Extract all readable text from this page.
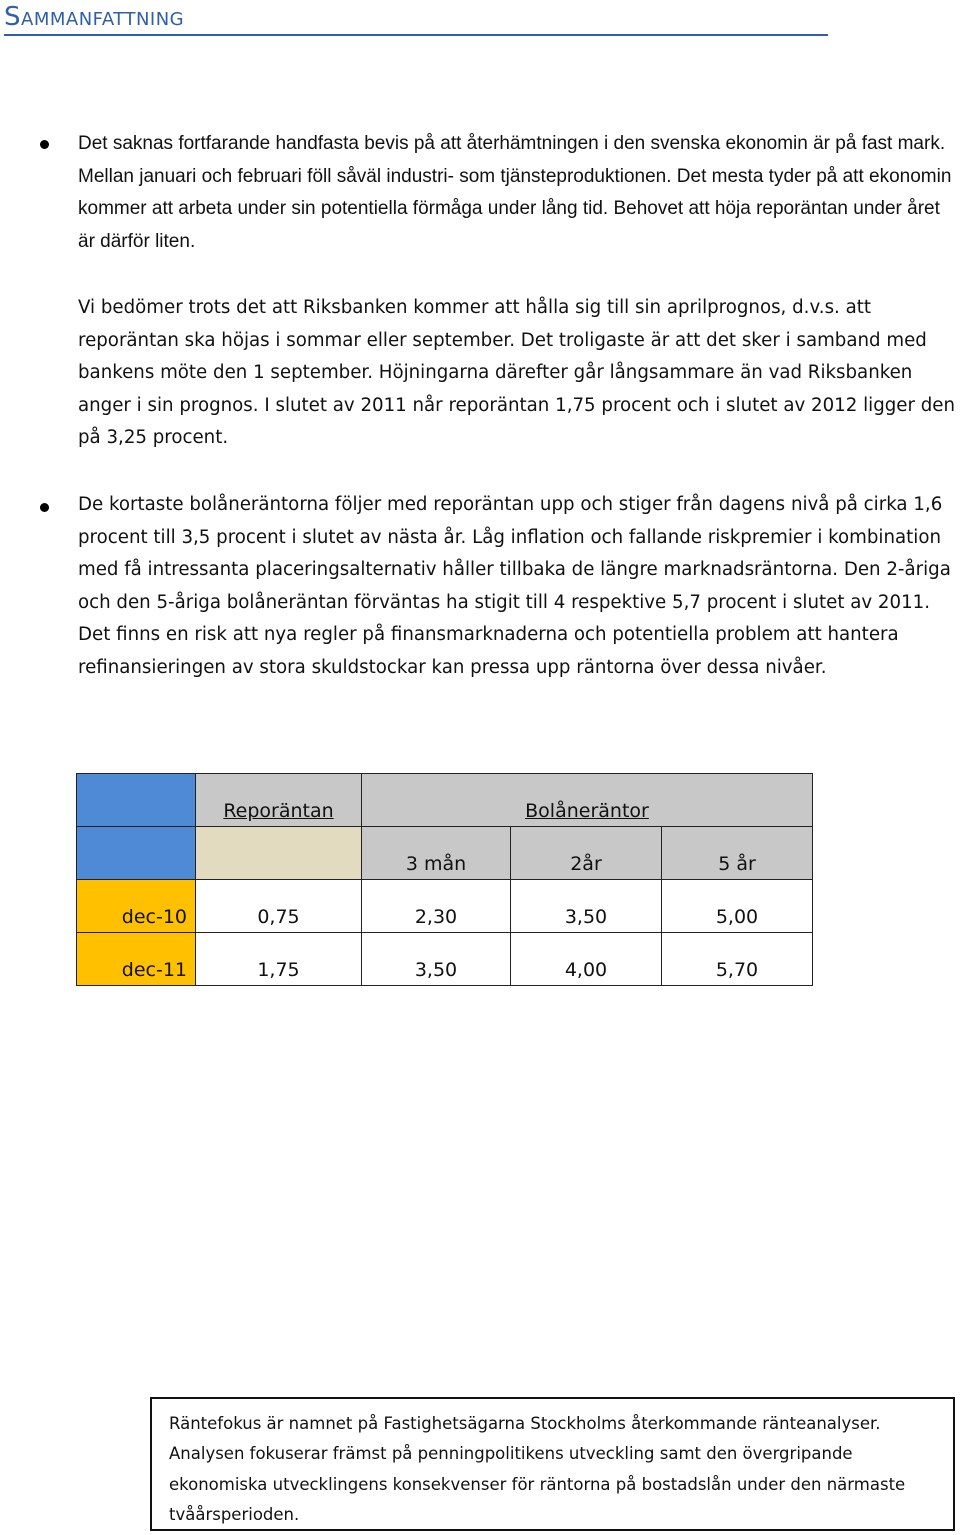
Sammanfattning

Det saknas fortfarande handfasta bevis på att återhämtningen i den svenska ekonomin är på fast mark. Mellan januari och februari föll såväl industri- som tjänsteproduktionen. Det mesta tyder på att ekonomin kommer att arbeta under sin potentiella förmåga under lång tid. Behovet att höja reporäntan under året är därför liten.

Vi bedömer trots det att Riksbanken kommer att hålla sig till sin aprilprognos, d.v.s. att reporäntan ska höjas i sommar eller september. Det troligaste är att det sker i samband med bankens möte den 1 september. Höjningarna därefter går långsammare än vad Riksbanken anger i sin prognos. I slutet av 2011 når reporäntan 1,75 procent och i slutet av 2012 ligger den på 3,25 procent.

De kortaste bolåneräntorna följer med reporäntan upp och stiger från dagens nivå på cirka 1,6 procent till 3,5 procent i slutet av nästa år. Låg inflation och fallande riskpremier i kombination med få intressanta placeringsalternativ håller tillbaka de längre marknadsräntorna. Den 2-åriga och den 5-åriga bolåneräntan förväntas ha stigit till 4 respektive 5,7 procent i slutet av 2011. Det finns en risk att nya regler på finansmarknaderna och potentiella problem att hantera refinansieringen av stora skuldstockar kan pressa upp räntorna över dessa nivåer.

	Reporäntan	Bolåneräntor		
		3 mån	2år	5 år
dec-10	0,75	2,30	3,50	5,00
dec-11	1,75	3,50	4,00	5,70

Räntefokus är namnet på Fastighetsägarna Stockholms återkommande ränteanalyser.

Analysen fokuserar främst på penningpolitikens utveckling samt den övergripande ekonomiska utvecklingens konsekvenser för räntorna på bostadslån under den närmaste tvåårsperioden.
